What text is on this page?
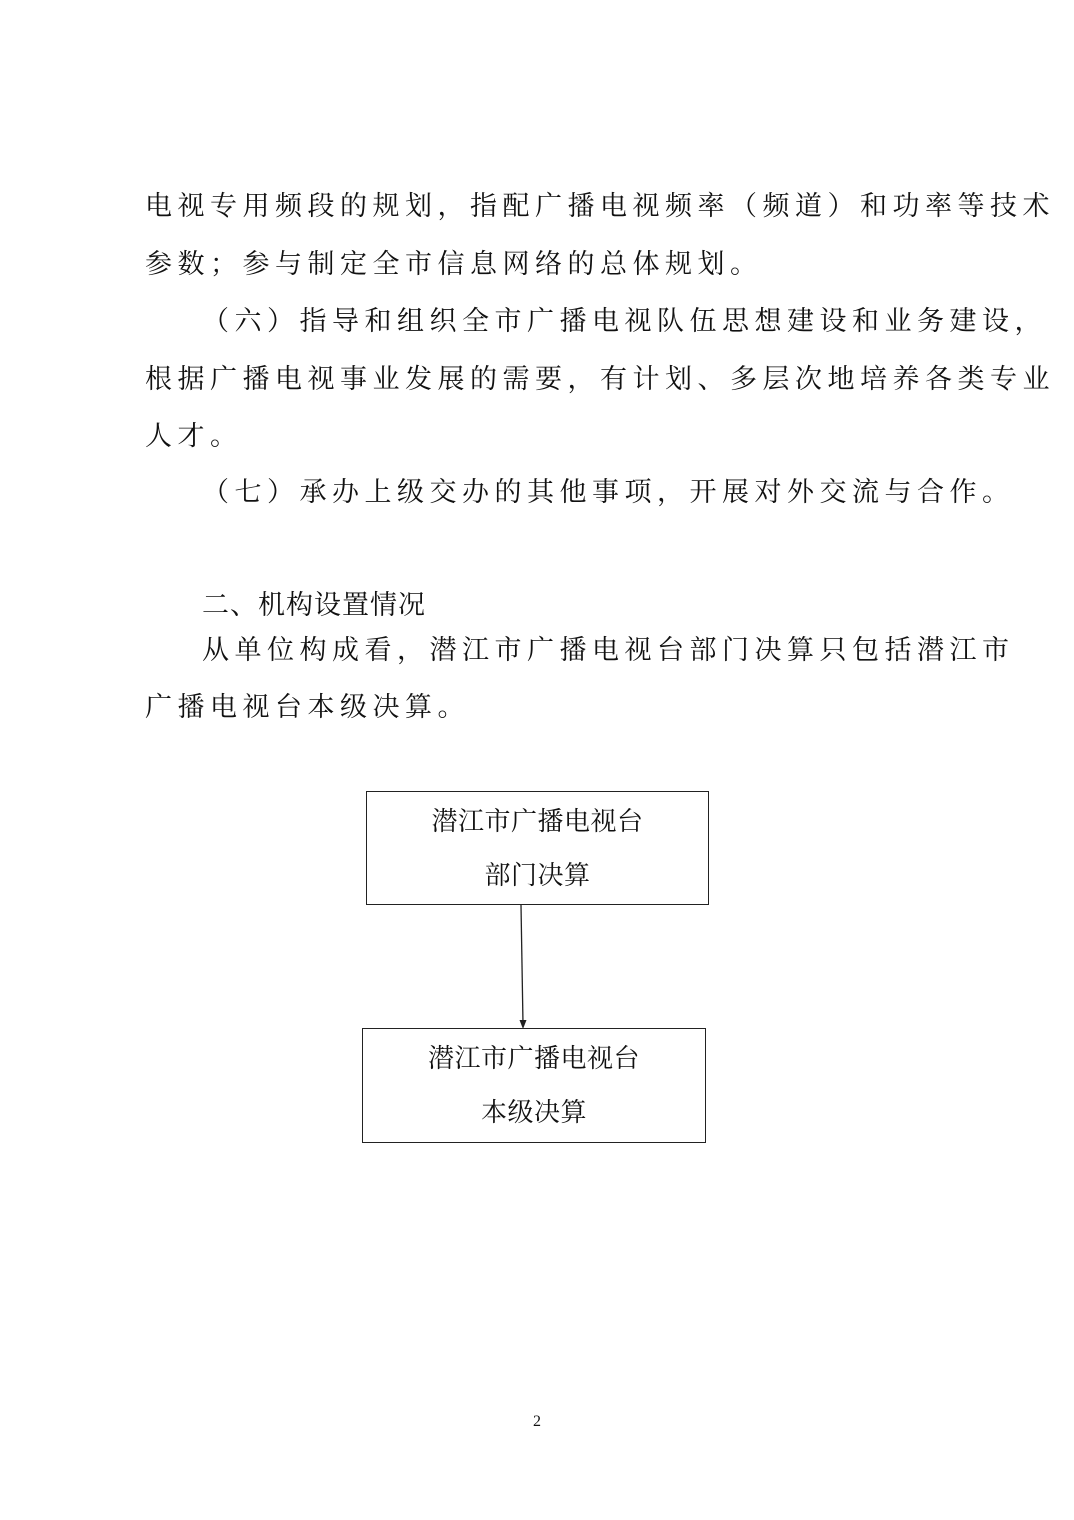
电视专用频段的规划，指配广播电视频率（频道）和功率等技术
参数；参与制定全市信息网络的总体规划。
（六）指导和组织全市广播电视队伍思想建设和业务建设，
根据广播电视事业发展的需要，有计划、多层次地培养各类专业
人才。
（七）承办上级交办的其他事项，开展对外交流与合作。
二、机构设置情况
从单位构成看，潜江市广播电视台部门决算只包括潜江市
广播电视台本级决算。
潜江市广播电视台
部门决算
潜江市广播电视台
本级决算
2
